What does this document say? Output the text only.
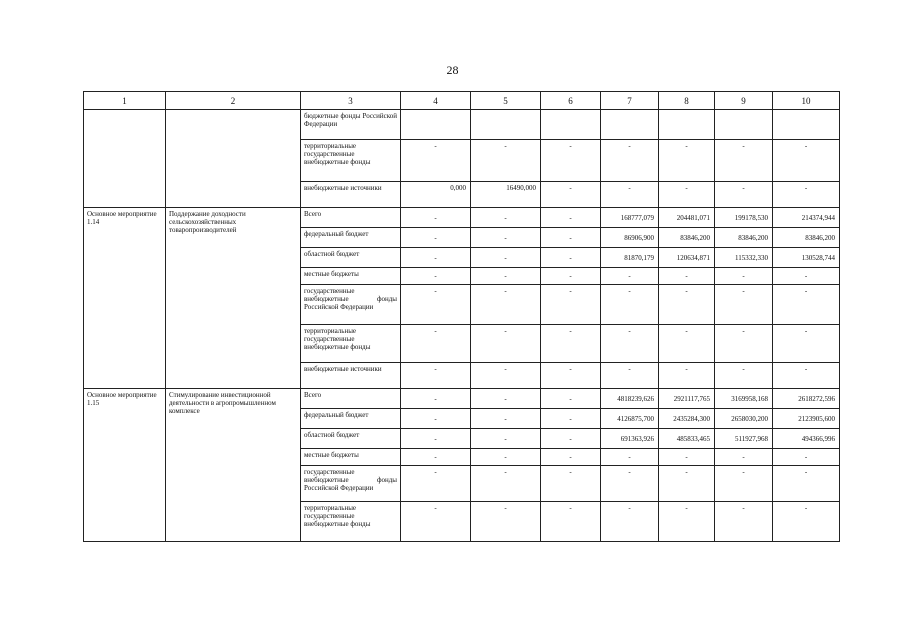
28
1	2	3	4	5	6	7	8	9	10
		бюджетные фонды Российской Федерации							
		территориальные государственные внебюджетные фонды	-	-	-	-	-	-	-
		внебюджетные источники	0,000	16490,000	-	-	-	-	-
Основное мероприятие 1.14	Поддержание доходности сельскохозяйственных товаропроизводителей	Всего	-	-	-	168777,079	204481,071	199178,530	214374,944
		федеральный бюджет	-	-	-	86906,900	83846,200	83846,200	83846,200
		областной бюджет	-	-	-	81870,179	120634,871	115332,330	130528,744
		местные бюджеты	-	-	-	-	-	-	-
		государственные внебюджетные фонды Российской Федерации	-	-	-	-	-	-	-
		территориальные государственные внебюджетные фонды	-	-	-	-	-	-	-
		внебюджетные источники	-	-	-	-	-	-	-
Основное мероприятие 1.15	Стимулирование инвестиционной деятельности в агропромышленном комплексе	Всего	-	-	-	4818239,626	2921117,765	3169958,168	2618272,596
		федеральный бюджет	-	-	-	4126875,700	2435284,300	2658030,200	2123905,600
		областной бюджет	-	-	-	691363,926	485833,465	511927,968	494366,996
		местные бюджеты	-	-	-	-	-	-	-
		государственные внебюджетные фонды Российской Федерации	-	-	-	-	-	-	-
		территориальные государственные внебюджетные фонды	-	-	-	-	-	-	-
